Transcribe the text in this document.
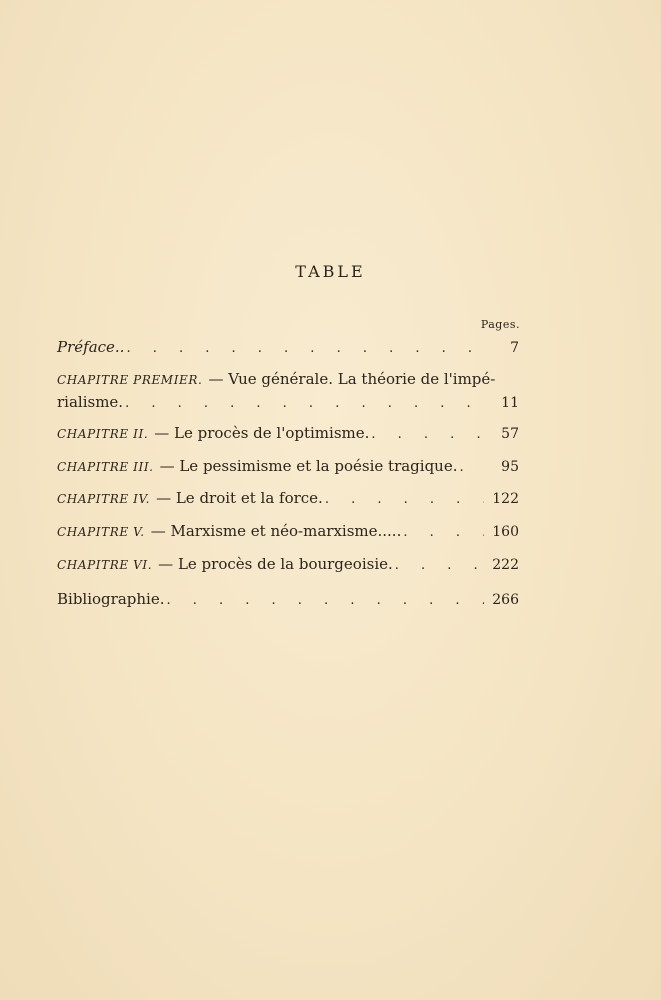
TABLE
Pages.
Préface.. . . .	7
CHAPITRE PREMIER. — Vue générale. La théorie de l'impé-
rialisme. . . .	11
CHAPITRE II. — Le procès de l'optimisme. . . .	57
CHAPITRE III. — Le pessimisme et la poésie tragique. . . .	95
CHAPITRE IV. — Le droit et la force. . . .	122
CHAPITRE V. — Marxisme et néo-marxisme..... . . .	160
CHAPITRE VI. — Le procès de la bourgeoisie. . . .	222
Bibliographie. . . .	266
